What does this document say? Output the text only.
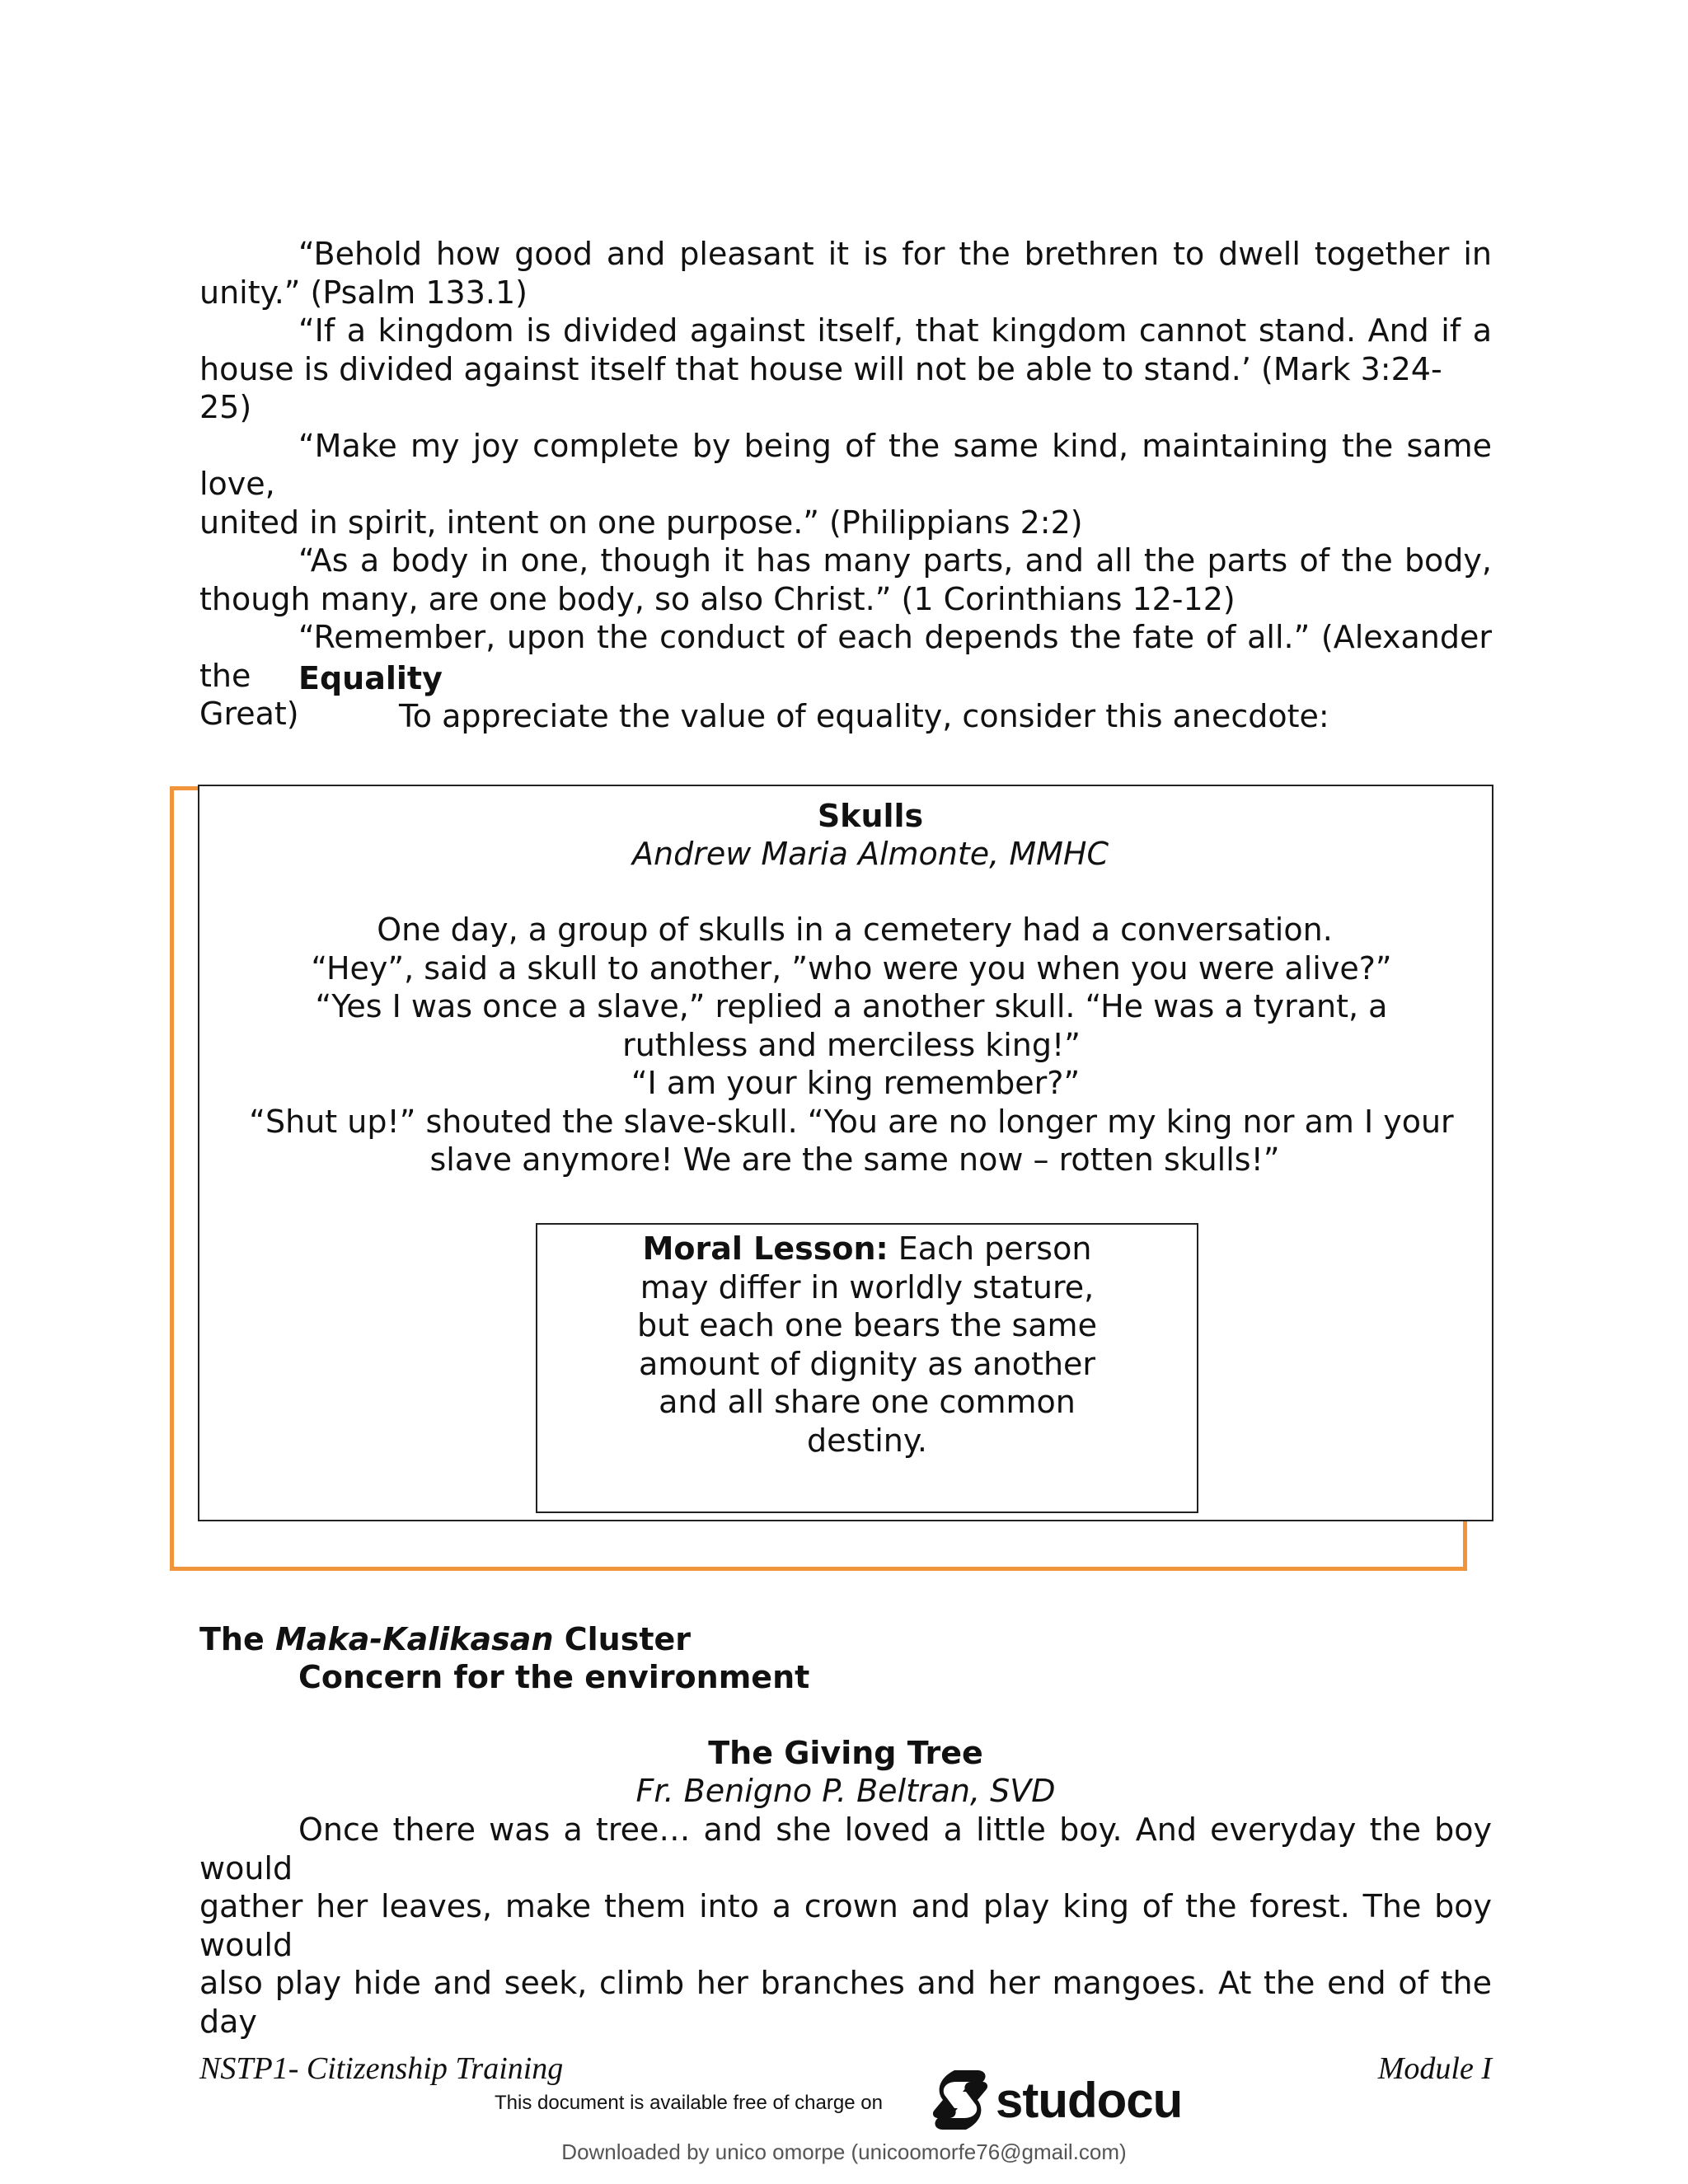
“Behold how good and pleasant it is for the brethren to dwell together in

unity.” (Psalm 133.1)

“If a kingdom is divided against itself, that kingdom cannot stand. And if a

house is divided against itself that house will not be able to stand.’ (Mark 3:24-25)

“Make my joy complete by being of the same kind, maintaining the same love,

united in spirit, intent on one purpose.” (Philippians 2:2)

“As a body in one, though it has many parts, and all the parts of the body,

though many, are one body, so also Christ.” (1 Corinthians 12-12)

“Remember, upon the conduct of each depends the fate of all.” (Alexander the

Great)

Equality

To appreciate the value of equality, consider this anecdote:

Skulls

Andrew Maria Almonte, MMHC

One day, a group of skulls in a cemetery had a conversation.
“Hey”, said a skull to another, ”who were you when you were alive?”
“Yes I was once a slave,” replied a another skull. “He was a tyrant, a
ruthless and merciless king!”
“I am your king remember?”
“Shut up!” shouted the slave-skull. “You are no longer my king nor am I your
slave anymore! We are the same now – rotten skulls!”
Moral Lesson: Each person
may differ in worldly stature,
but each one bears the same
amount of dignity as another
and all share one common
destiny.

The Maka-Kalikasan Cluster

Concern for the environment

The Giving Tree

Fr. Benigno P. Beltran, SVD

Once there was a tree… and she loved a little boy. And everyday the boy would
gather her leaves, make them into a crown and play king of the forest. The boy would
also play hide and seek, climb her branches and her mangoes. At the end of the day

NSTP1- Citizenship Training	Module I

This document is available free of charge on studocu

Downloaded by unico omorpe (unicoomorfe76@gmail.com)
